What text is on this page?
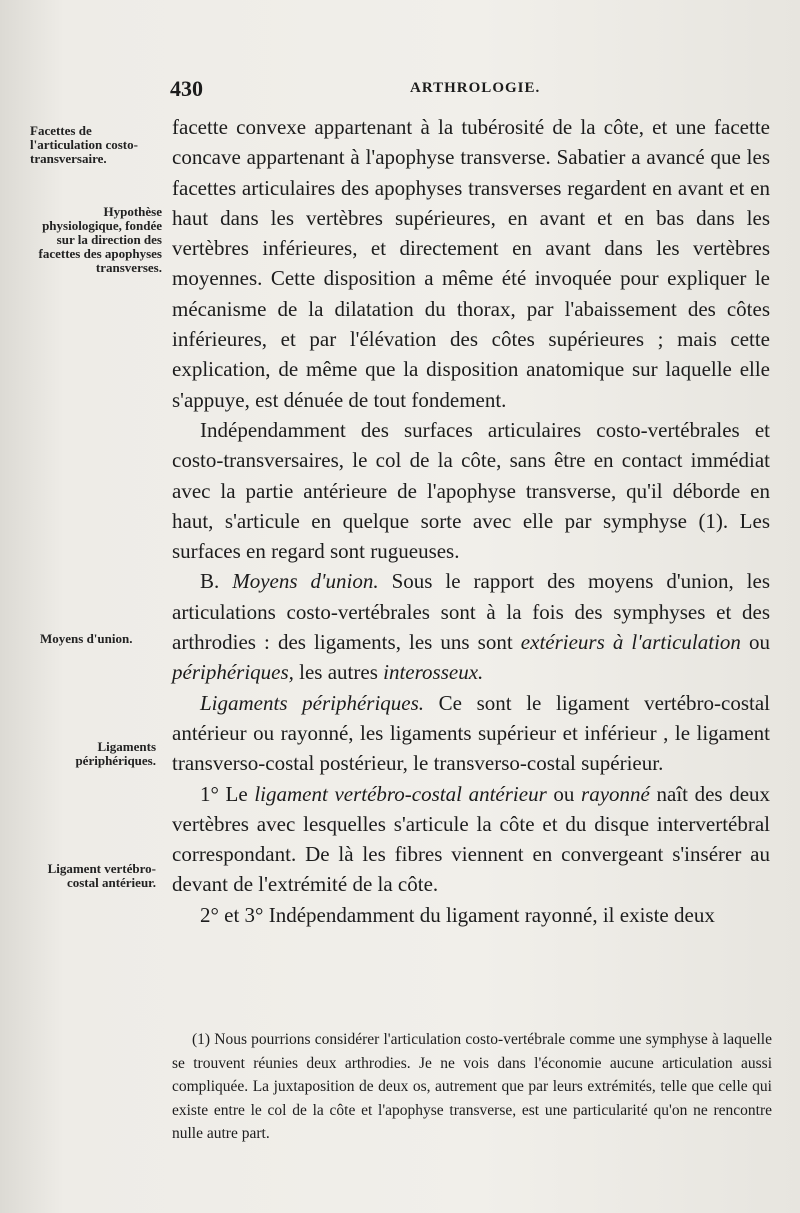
430	ARTHROLOGIE.
Facettes de l'articulation costo-transversaire.
Hypothèse physiologique, fondée sur la direction des facettes des apophyses transverses.
Moyens d'union.
Ligaments périphériques.
Ligament vertébro-costal antérieur.

facette convexe appartenant à la tubérosité de la côte, et une facette concave appartenant à l'apophyse transverse. Sabatier a avancé que les facettes articulaires des apophyses transverses regardent en avant et en haut dans les vertèbres supérieures, en avant et en bas dans les vertèbres inférieures, et directement en avant dans les vertèbres moyennes. Cette disposition a même été invoquée pour expliquer le mécanisme de la dilatation du thorax, par l'abaissement des côtes inférieures, et par l'élévation des côtes supérieures ; mais cette explication, de même que la disposition anatomique sur laquelle elle s'appuye, est dénuée de tout fondement.

Indépendamment des surfaces articulaires costo-vertébrales et costo-transversaires, le col de la côte, sans être en contact immédiat avec la partie antérieure de l'apophyse transverse, qu'il déborde en haut, s'articule en quelque sorte avec elle par symphyse (1). Les surfaces en regard sont rugueuses.

B. Moyens d'union. Sous le rapport des moyens d'union, les articulations costo-vertébrales sont à la fois des symphyses et des arthrodies : des ligaments, les uns sont extérieurs à l'articulation ou périphériques, les autres interosseux.

Ligaments périphériques. Ce sont le ligament vertébro-costal antérieur ou rayonné, les ligaments supérieur et inférieur , le ligament transverso-costal postérieur, le transverso-costal supérieur.

1° Le ligament vertébro-costal antérieur ou rayonné naît des deux vertèbres avec lesquelles s'articule la côte et du disque intervertébral correspondant. De là les fibres viennent en convergeant s'insérer au devant de l'extrémité de la côte.

2° et 3° Indépendamment du ligament rayonné, il existe deux

(1) Nous pourrions considérer l'articulation costo-vertébrale comme une symphyse à laquelle se trouvent réunies deux arthrodies. Je ne vois dans l'économie aucune articulation aussi compliquée. La juxtaposition de deux os, autrement que par leurs extrémités, telle que celle qui existe entre le col de la côte et l'apophyse transverse, est une particularité qu'on ne rencontre nulle autre part.
